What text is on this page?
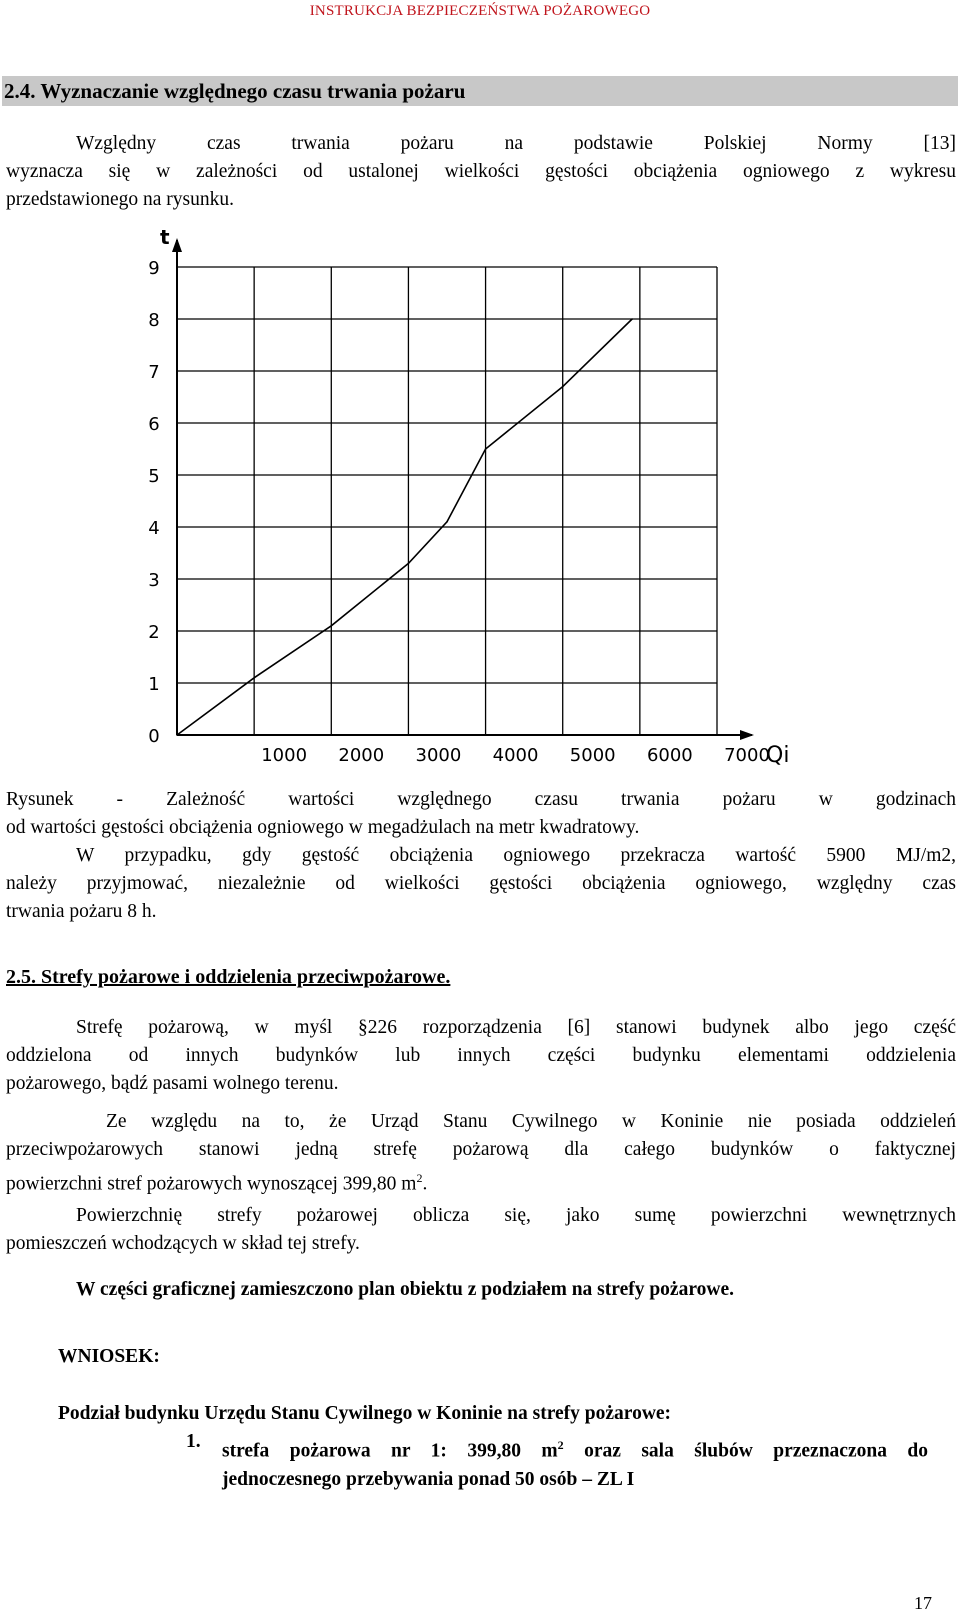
INSTRUKCJA BEZPIECZEŃSTWA POŻAROWEGO
2.4. Wyznaczanie względnego czasu trwania pożaru
Względny czas trwania pożaru na podstawie Polskiej Normy [13]
wyznacza się w zależności od ustalonej wielkości gęstości obciążenia ogniowego z wykresu
przedstawionego na rysunku.
0
1
2
3
4
5
6
7
8
9
1000 2000 3000 4000 5000 6000 7000
t
Qi
Rysunek - Zależność wartości względnego czasu trwania pożaru w godzinach
od wartości gęstości obciążenia ogniowego w megadżulach na metr kwadratowy.
W przypadku, gdy gęstość obciążenia ogniowego przekracza wartość 5900 MJ/m2,
należy przyjmować, niezależnie od wielkości gęstości obciążenia ogniowego, względny czas
trwania pożaru 8 h.
2.5. Strefy pożarowe i oddzielenia przeciwpożarowe.
Strefę pożarową, w myśl §226 rozporządzenia [6] stanowi budynek albo jego część
oddzielona od innych budynków lub innych części budynku elementami oddzielenia
pożarowego, bądź pasami wolnego terenu.
Ze względu na to, że Urząd Stanu Cywilnego w Koninie nie posiada oddzieleń
przeciwpożarowych stanowi jedną strefę pożarową dla całego budynków o faktycznej
powierzchni stref pożarowych wynoszącej 399,80 $m^2$.
Powierzchnię strefy pożarowej oblicza się, jako sumę powierzchni wewnętrznych
pomieszczeń wchodzących w skład tej strefy.
W części graficznej zamieszczono plan obiektu z podziałem na strefy pożarowe.
WNIOSEK:
Podział budynku Urzędu Stanu Cywilnego w Koninie na strefy pożarowe:
1. strefa pożarowa nr 1: 399,80 $m^2$ oraz sala ślubów przeznaczona do
jednoczesnego przebywania ponad 50 osób – ZL I
17
